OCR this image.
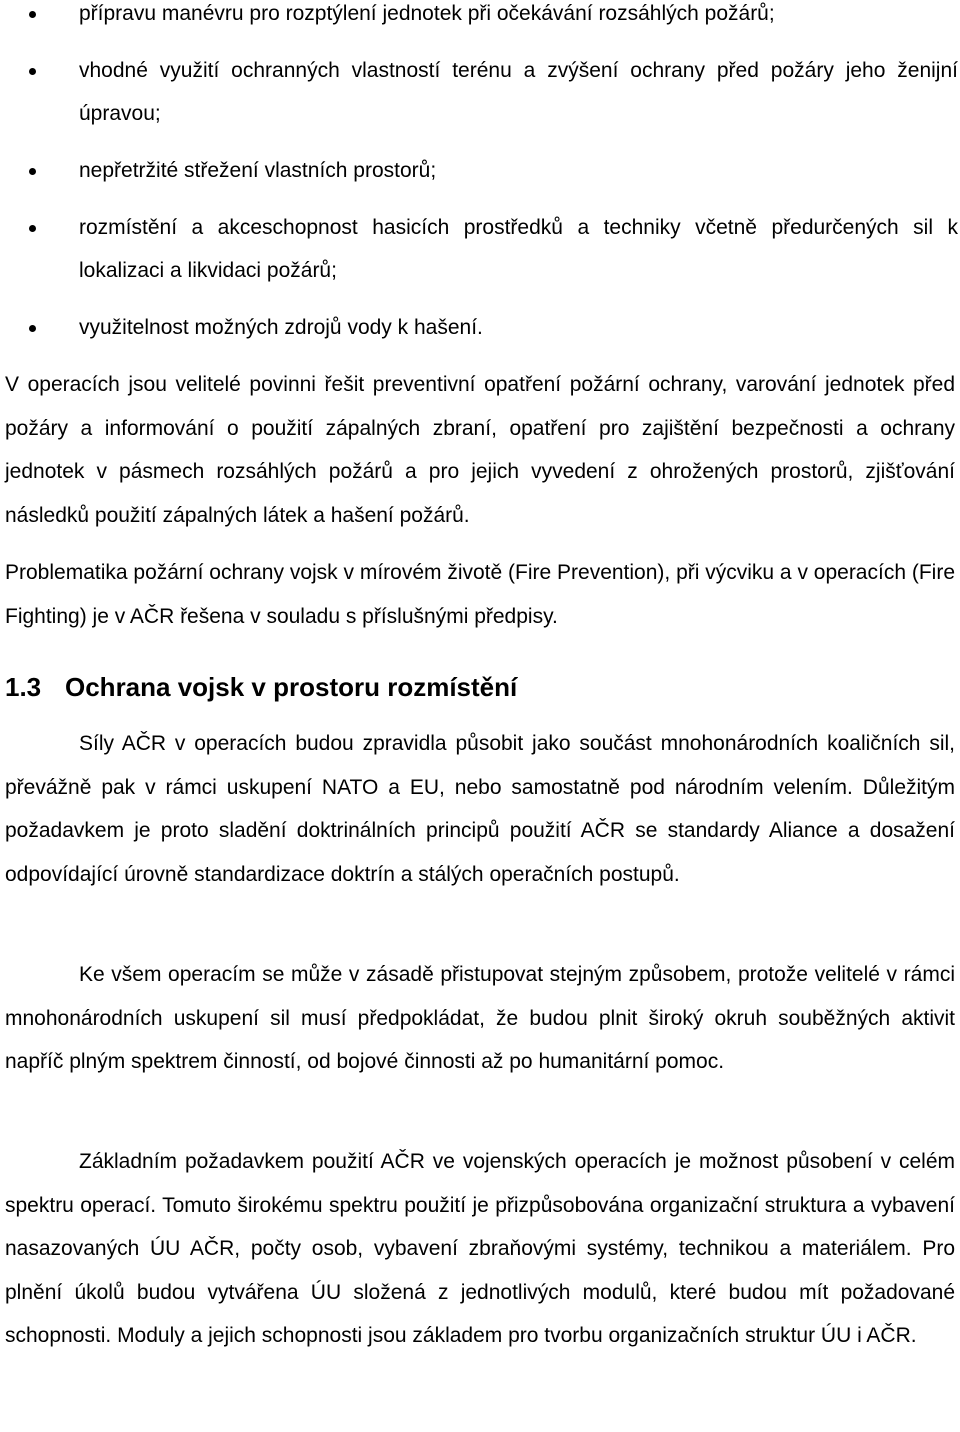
přípravu manévru pro rozptýlení jednotek při očekávání rozsáhlých požárů;
vhodné využití ochranných vlastností terénu a zvýšení ochrany před požáry jeho ženijní úpravou;
nepřetržité střežení vlastních prostorů;
rozmístění a akceschopnost hasicích prostředků a techniky včetně předurčených sil k lokalizaci a likvidaci požárů;
využitelnost možných zdrojů vody k hašení.

V operacích jsou velitelé povinni řešit preventivní opatření požární ochrany, varování jednotek před požáry a informování o použití zápalných zbraní, opatření pro zajištění bezpečnosti a ochrany jednotek v pásmech rozsáhlých požárů a pro jejich vyvedení z ohrožených prostorů, zjišťování následků použití zápalných látek a hašení požárů.

Problematika požární ochrany vojsk v mírovém životě (Fire Prevention), při výcviku a v operacích (Fire Fighting) je v AČR řešena v souladu s příslušnými předpisy.

1.3 Ochrana vojsk v prostoru rozmístění

Síly AČR v operacích budou zpravidla působit jako součást mnohonárodních koaličních sil, převážně pak v rámci uskupení NATO a EU, nebo samostatně pod národním velením. Důležitým požadavkem je proto sladění doktrinálních principů použití AČR se standardy Aliance a dosažení odpovídající úrovně standardizace doktrín a stálých operačních postupů.

Ke všem operacím se může v zásadě přistupovat stejným způsobem, protože velitelé v rámci mnohonárodních uskupení sil musí předpokládat, že budou plnit široký okruh souběžných aktivit napříč plným spektrem činností, od bojové činnosti až po humanitární pomoc.

Základním požadavkem použití AČR ve vojenských operacích je možnost působení v celém spektru operací. Tomuto širokému spektru použití je přizpůsobována organizační struktura a vybavení nasazovaných ÚU AČR, počty osob, vybavení zbraňovými systémy, technikou a materiálem. Pro plnění úkolů budou vytvářena ÚU složená z jednotlivých modulů, které budou mít požadované schopnosti. Moduly a jejich schopnosti jsou základem pro tvorbu organizačních struktur ÚU i AČR.
